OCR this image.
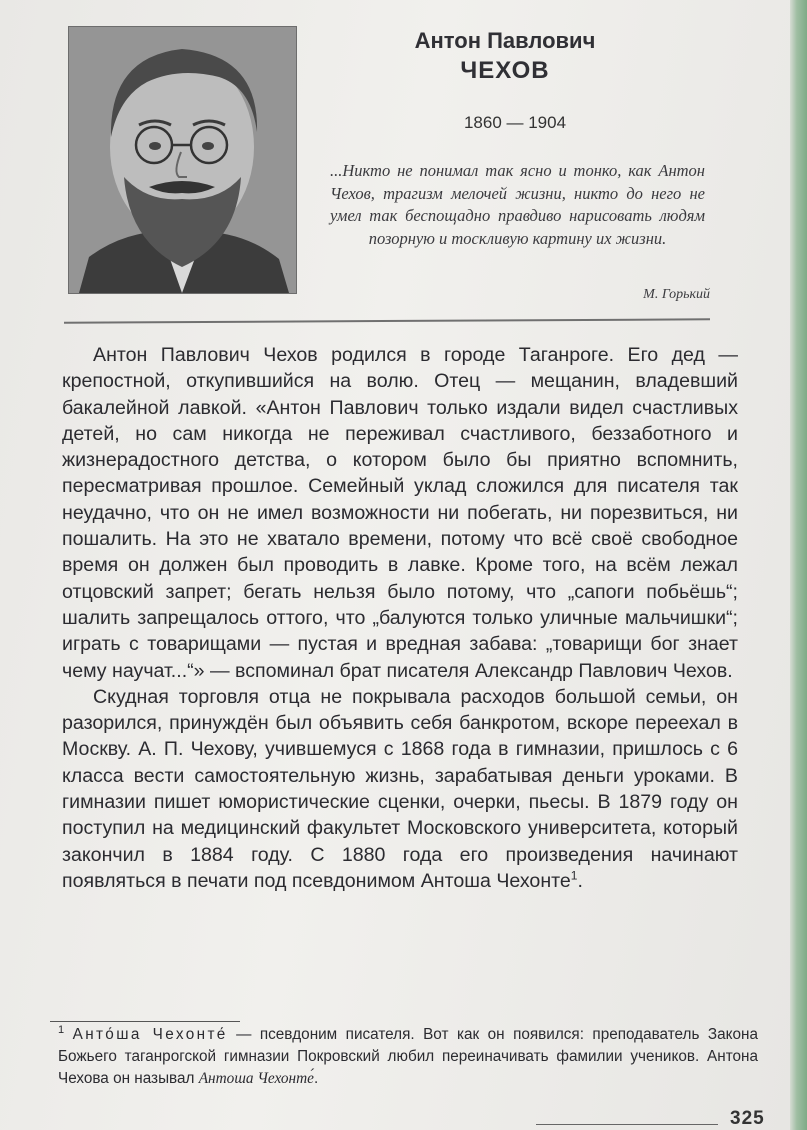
Антон Павлович
ЧЕХОВ
1860 — 1904
...Никто не понимал так ясно и тонко, как Антон Чехов, трагизм мелочей жизни, никто до него не умел так беспощадно правдиво нарисовать людям позорную и тоскливую картину их жизни.
М. Горький

Антон Павлович Чехов родился в городе Таганроге. Его дед — крепостной, откупившийся на волю. Отец — мещанин, владевший бакалейной лавкой. «Антон Павлович только издали видел счастливых детей, но сам никогда не переживал счастливого, беззаботного и жизнерадостного детства, о котором было бы приятно вспомнить, пересматривая прошлое. Семейный уклад сложился для писателя так неудачно, что он не имел возможности ни побегать, ни порезвиться, ни пошалить. На это не хватало времени, потому что всё своё свободное время он должен был проводить в лавке. Кроме того, на всём лежал отцовский запрет; бегать нельзя было потому, что „сапоги побьёшь“; шалить запрещалось оттого, что „балуются только уличные мальчишки“; играть с товарищами — пустая и вредная забава: „товарищи бог знает чему научат...“» — вспоминал брат писателя Александр Павлович Чехов.

Скудная торговля отца не покрывала расходов большой семьи, он разорился, принуждён был объявить себя банкротом, вскоре переехал в Москву. А. П. Чехову, учившемуся с 1868 года в гимназии, пришлось с 6 класса вести самостоятельную жизнь, зарабатывая деньги уроками. В гимназии пишет юмористические сценки, очерки, пьесы. В 1879 году он поступил на медицинский факультет Московского университета, который закончил в 1884 году. С 1880 года его произведения начинают появляться в печати под псевдонимом Антоша Чехонте$^1$.

$^1$ Анто́ша Чехонте́ — псевдоним писателя. Вот как он появился: преподаватель Закона Божьего таганрогской гимназии Покровский любил переиначивать фамилии учеников. Антона Чехова он называл Антоша Чехонте́.
325
